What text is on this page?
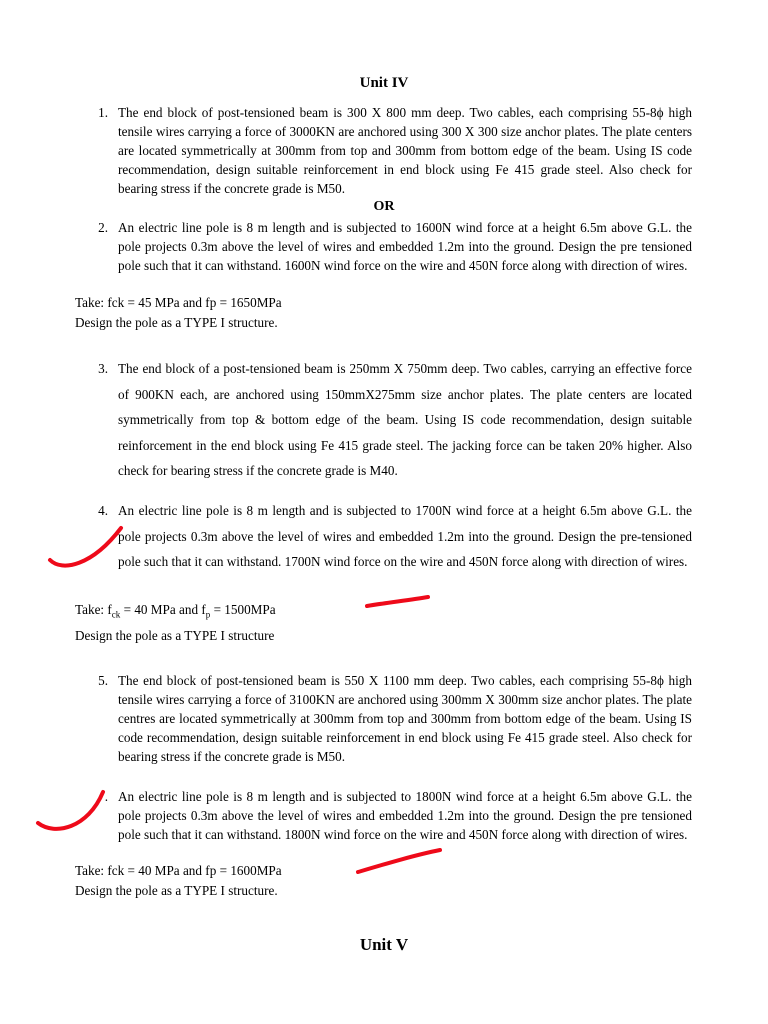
Unit IV
1. The end block of post-tensioned beam is 300 X 800 mm deep. Two cables, each comprising 55-8ϕ high tensile wires carrying a force of 3000KN are anchored using 300 X 300 size anchor plates. The plate centers are located symmetrically at 300mm from top and 300mm from bottom edge of the beam. Using IS code recommendation, design suitable reinforcement in end block using Fe 415 grade steel. Also check for bearing stress if the concrete grade is M50.
OR
2. An electric line pole is 8 m length and is subjected to 1600N wind force at a height 6.5m above G.L. the pole projects 0.3m above the level of wires and embedded 1.2m into the ground. Design the pre tensioned pole such that it can withstand. 1600N wind force on the wire and 450N force along with direction of wires.
Take: fck = 45 MPa and fp = 1650MPa
Design the pole as a TYPE I structure.
3. The end block of a post-tensioned beam is 250mm X 750mm deep. Two cables, carrying an effective force of 900KN each, are anchored using 150mmX275mm size anchor plates. The plate centers are located symmetrically from top & bottom edge of the beam. Using IS code recommendation, design suitable reinforcement in the end block using Fe 415 grade steel. The jacking force can be taken 20% higher. Also check for bearing stress if the concrete grade is M40.
4. An electric line pole is 8 m length and is subjected to 1700N wind force at a height 6.5m above G.L. the pole projects 0.3m above the level of wires and embedded 1.2m into the ground. Design the pre-tensioned pole such that it can withstand. 1700N wind force on the wire and 450N force along with direction of wires.
Take: $f_{ck} = 40$ MPa and $f_p = 1500MPa$
Design the pole as a TYPE I structure
5. The end block of post-tensioned beam is 550 X 1100 mm deep. Two cables, each comprising 55-8ϕ high tensile wires carrying a force of 3100KN are anchored using 300mm X 300mm size anchor plates. The plate centres are located symmetrically at 300mm from top and 300mm from bottom edge of the beam. Using IS code recommendation, design suitable reinforcement in end block using Fe 415 grade steel. Also check for bearing stress if the concrete grade is M50.
. An electric line pole is 8 m length and is subjected to 1800N wind force at a height 6.5m above G.L. the pole projects 0.3m above the level of wires and embedded 1.2m into the ground. Design the pre tensioned pole such that it can withstand. 1800N wind force on the wire and 450N force along with direction of wires.
Take: fck = 40 MPa and fp = 1600MPa
Design the pole as a TYPE I structure.
Unit V
